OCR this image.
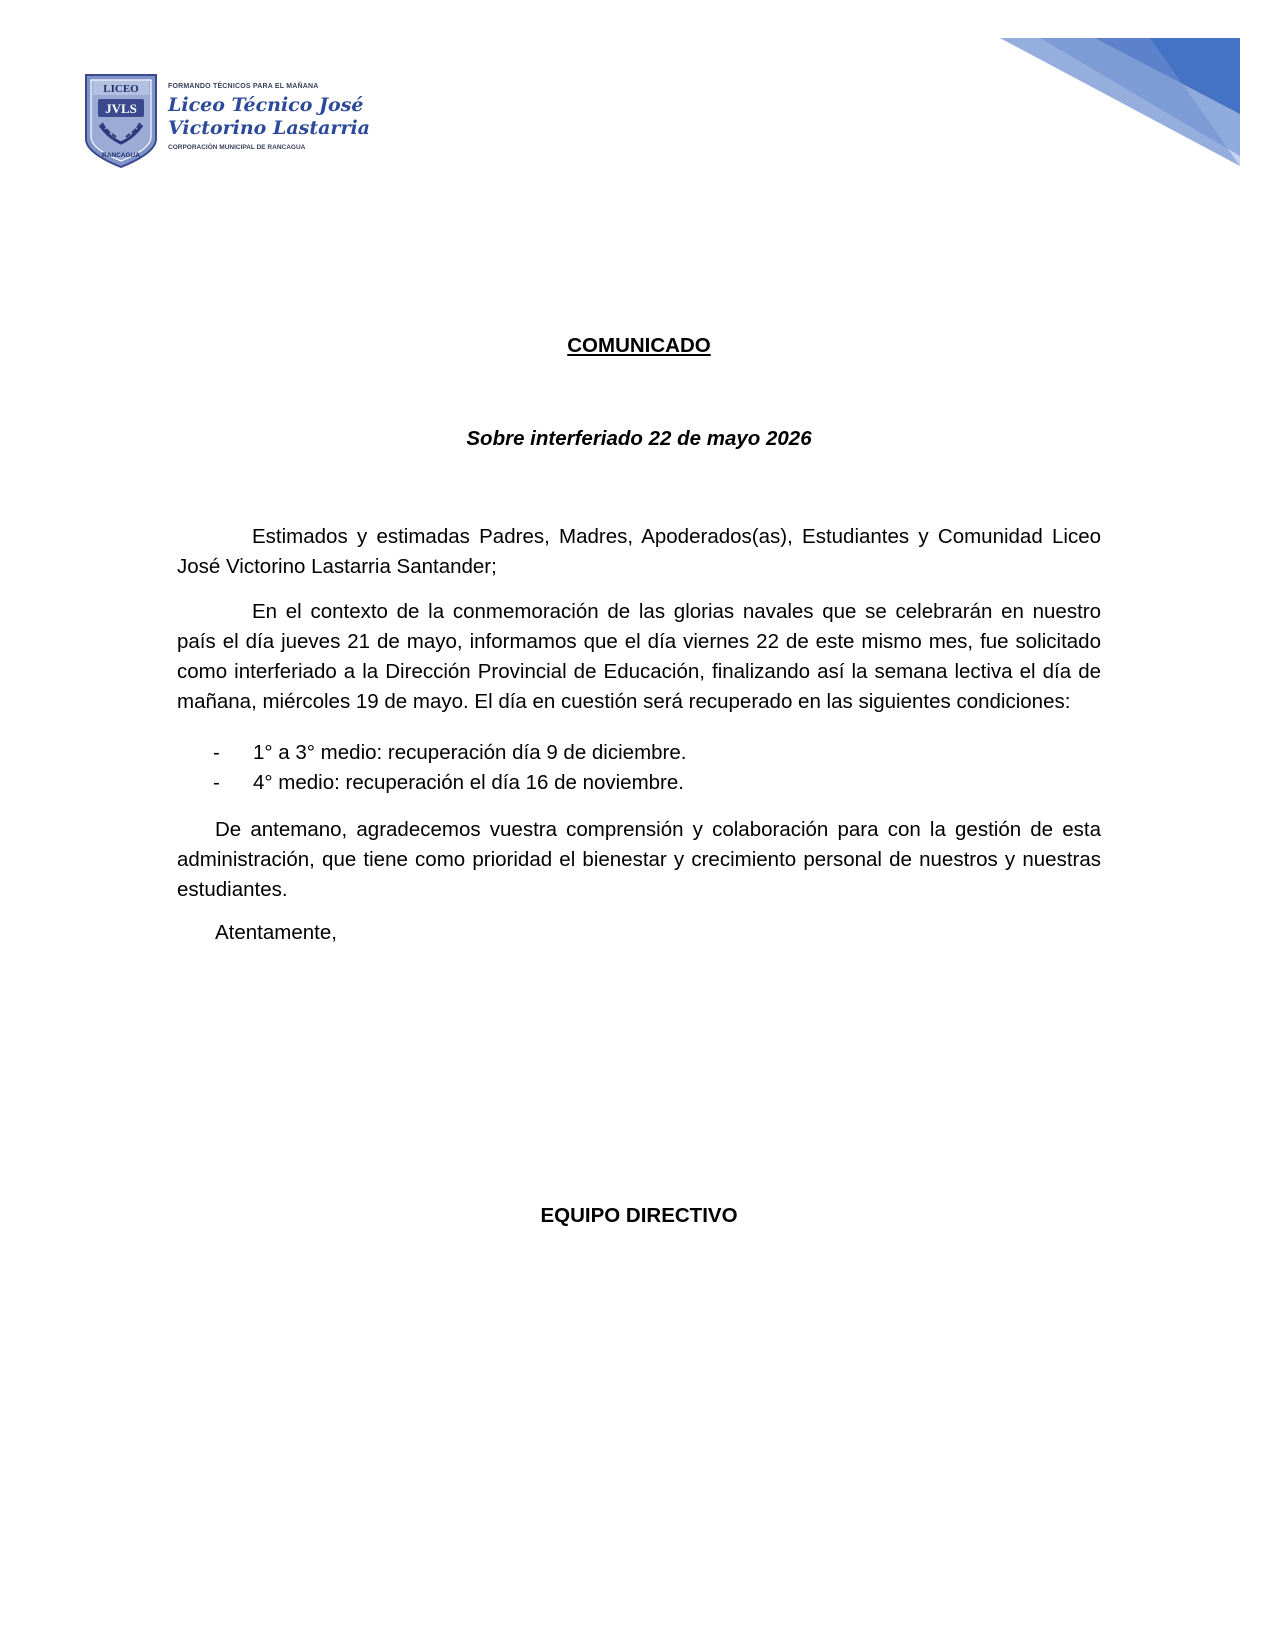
LICEO
JVLS
RANCAGUA
FORMANDO TÉCNICOS PARA EL MAÑANA
Liceo Técnico José
Victorino Lastarria
CORPORACIÓN MUNICIPAL DE RANCAGUA
COMUNICADO
Sobre interferiado 22 de mayo 2026
Estimados y estimadas Padres, Madres, Apoderados(as), Estudiantes y Comunidad Liceo José Victorino Lastarria Santander;
En el contexto de la conmemoración de las glorias navales que se celebrarán en nuestro país el día jueves 21 de mayo, informamos que el día viernes 22 de este mismo mes, fue solicitado como interferiado a la Dirección Provincial de Educación, finalizando así la semana lectiva el día de mañana, miércoles 19 de mayo. El día en cuestión será recuperado en las siguientes condiciones:
- 1° a 3° medio: recuperación día 9 de diciembre.
- 4° medio: recuperación el día 16 de noviembre.
De antemano, agradecemos vuestra comprensión y colaboración para con la gestión de esta administración, que tiene como prioridad el bienestar y crecimiento personal de nuestros y nuestras estudiantes.
Atentamente,
EQUIPO DIRECTIVO
